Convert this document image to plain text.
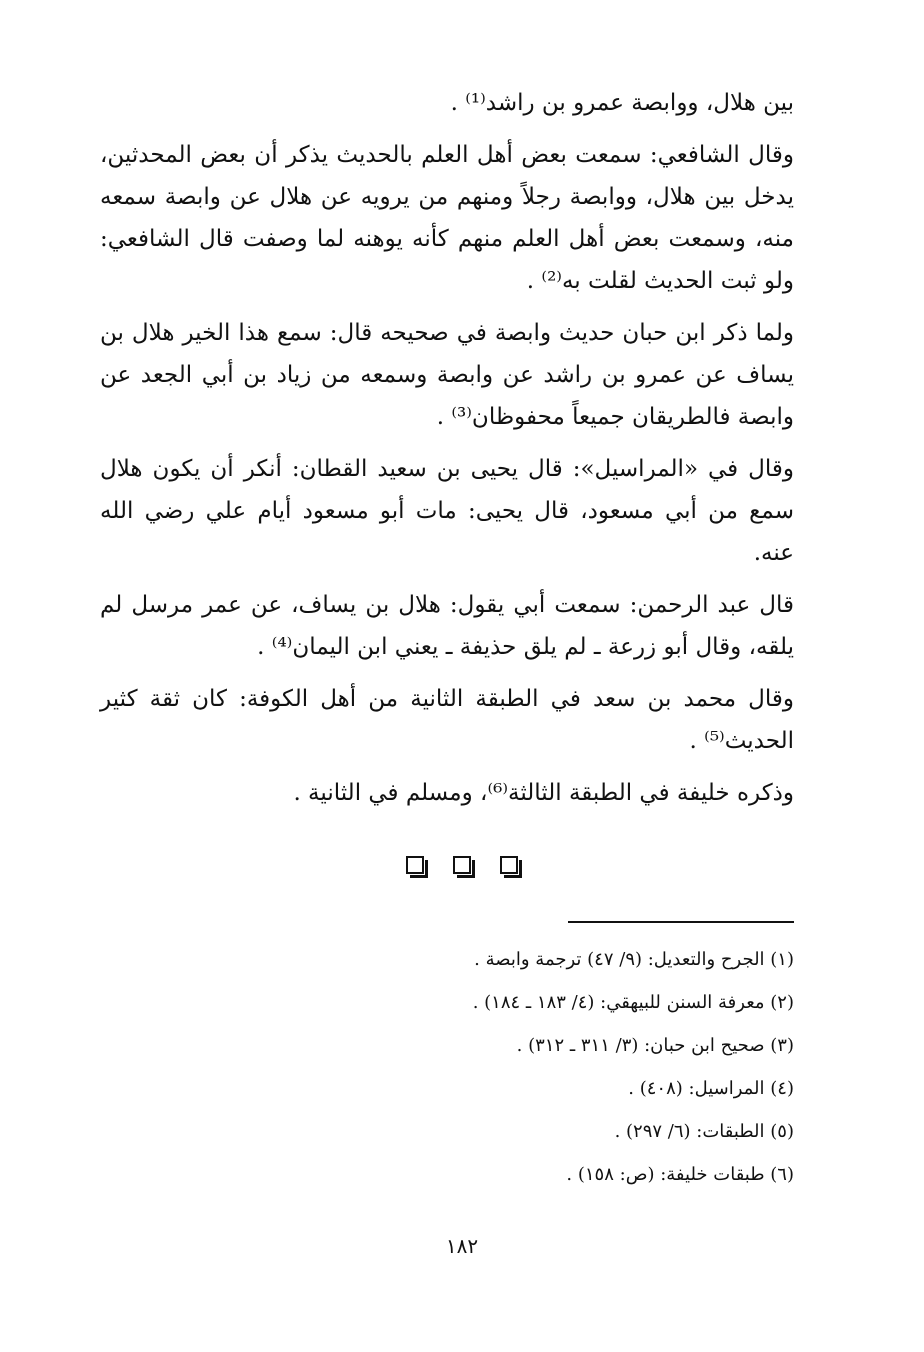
بين هلال، ووابصة عمرو بن راشد⁽¹⁾ .

وقال الشافعي: سمعت بعض أهل العلم بالحديث يذكر أن بعض المحدثين، يدخل بين هلال، ووابصة رجلاً ومنهم من يرويه عن هلال عن وابصة سمعه منه، وسمعت بعض أهل العلم منهم كأنه يوهنه لما وصفت قال الشافعي: ولو ثبت الحديث لقلت به⁽²⁾ .

ولما ذكر ابن حبان حديث وابصة في صحيحه قال: سمع هذا الخير هلال بن يساف عن عمرو بن راشد عن وابصة وسمعه من زياد بن أبي الجعد عن وابصة فالطريقان جميعاً محفوظان⁽³⁾ .

وقال في «المراسيل»: قال يحيى بن سعيد القطان: أنكر أن يكون هلال سمع من أبي مسعود، قال يحيى: مات أبو مسعود أيام علي رضي الله عنه.

قال عبد الرحمن: سمعت أبي يقول: هلال بن يساف، عن عمر مرسل لم يلقه، وقال أبو زرعة ـ لم يلق حذيفة ـ يعني ابن اليمان⁽⁴⁾ .

وقال محمد بن سعد في الطبقة الثانية من أهل الكوفة: كان ثقة كثير الحديث⁽⁵⁾ .

وذكره خليفة في الطبقة الثالثة⁽⁶⁾، ومسلم في الثانية .

(١) الجرح والتعديل: (٩/ ٤٧) ترجمة وابصة .

(٢) معرفة السنن للبيهقي: (٤/ ١٨٣ ـ ١٨٤) .

(٣) صحيح ابن حبان: (٣/ ٣١١ ـ ٣١٢) .

(٤) المراسيل: (٤٠٨) .

(٥) الطبقات: (٦/ ٢٩٧) .

(٦) طبقات خليفة: (ص: ١٥٨) .

١٨٢
